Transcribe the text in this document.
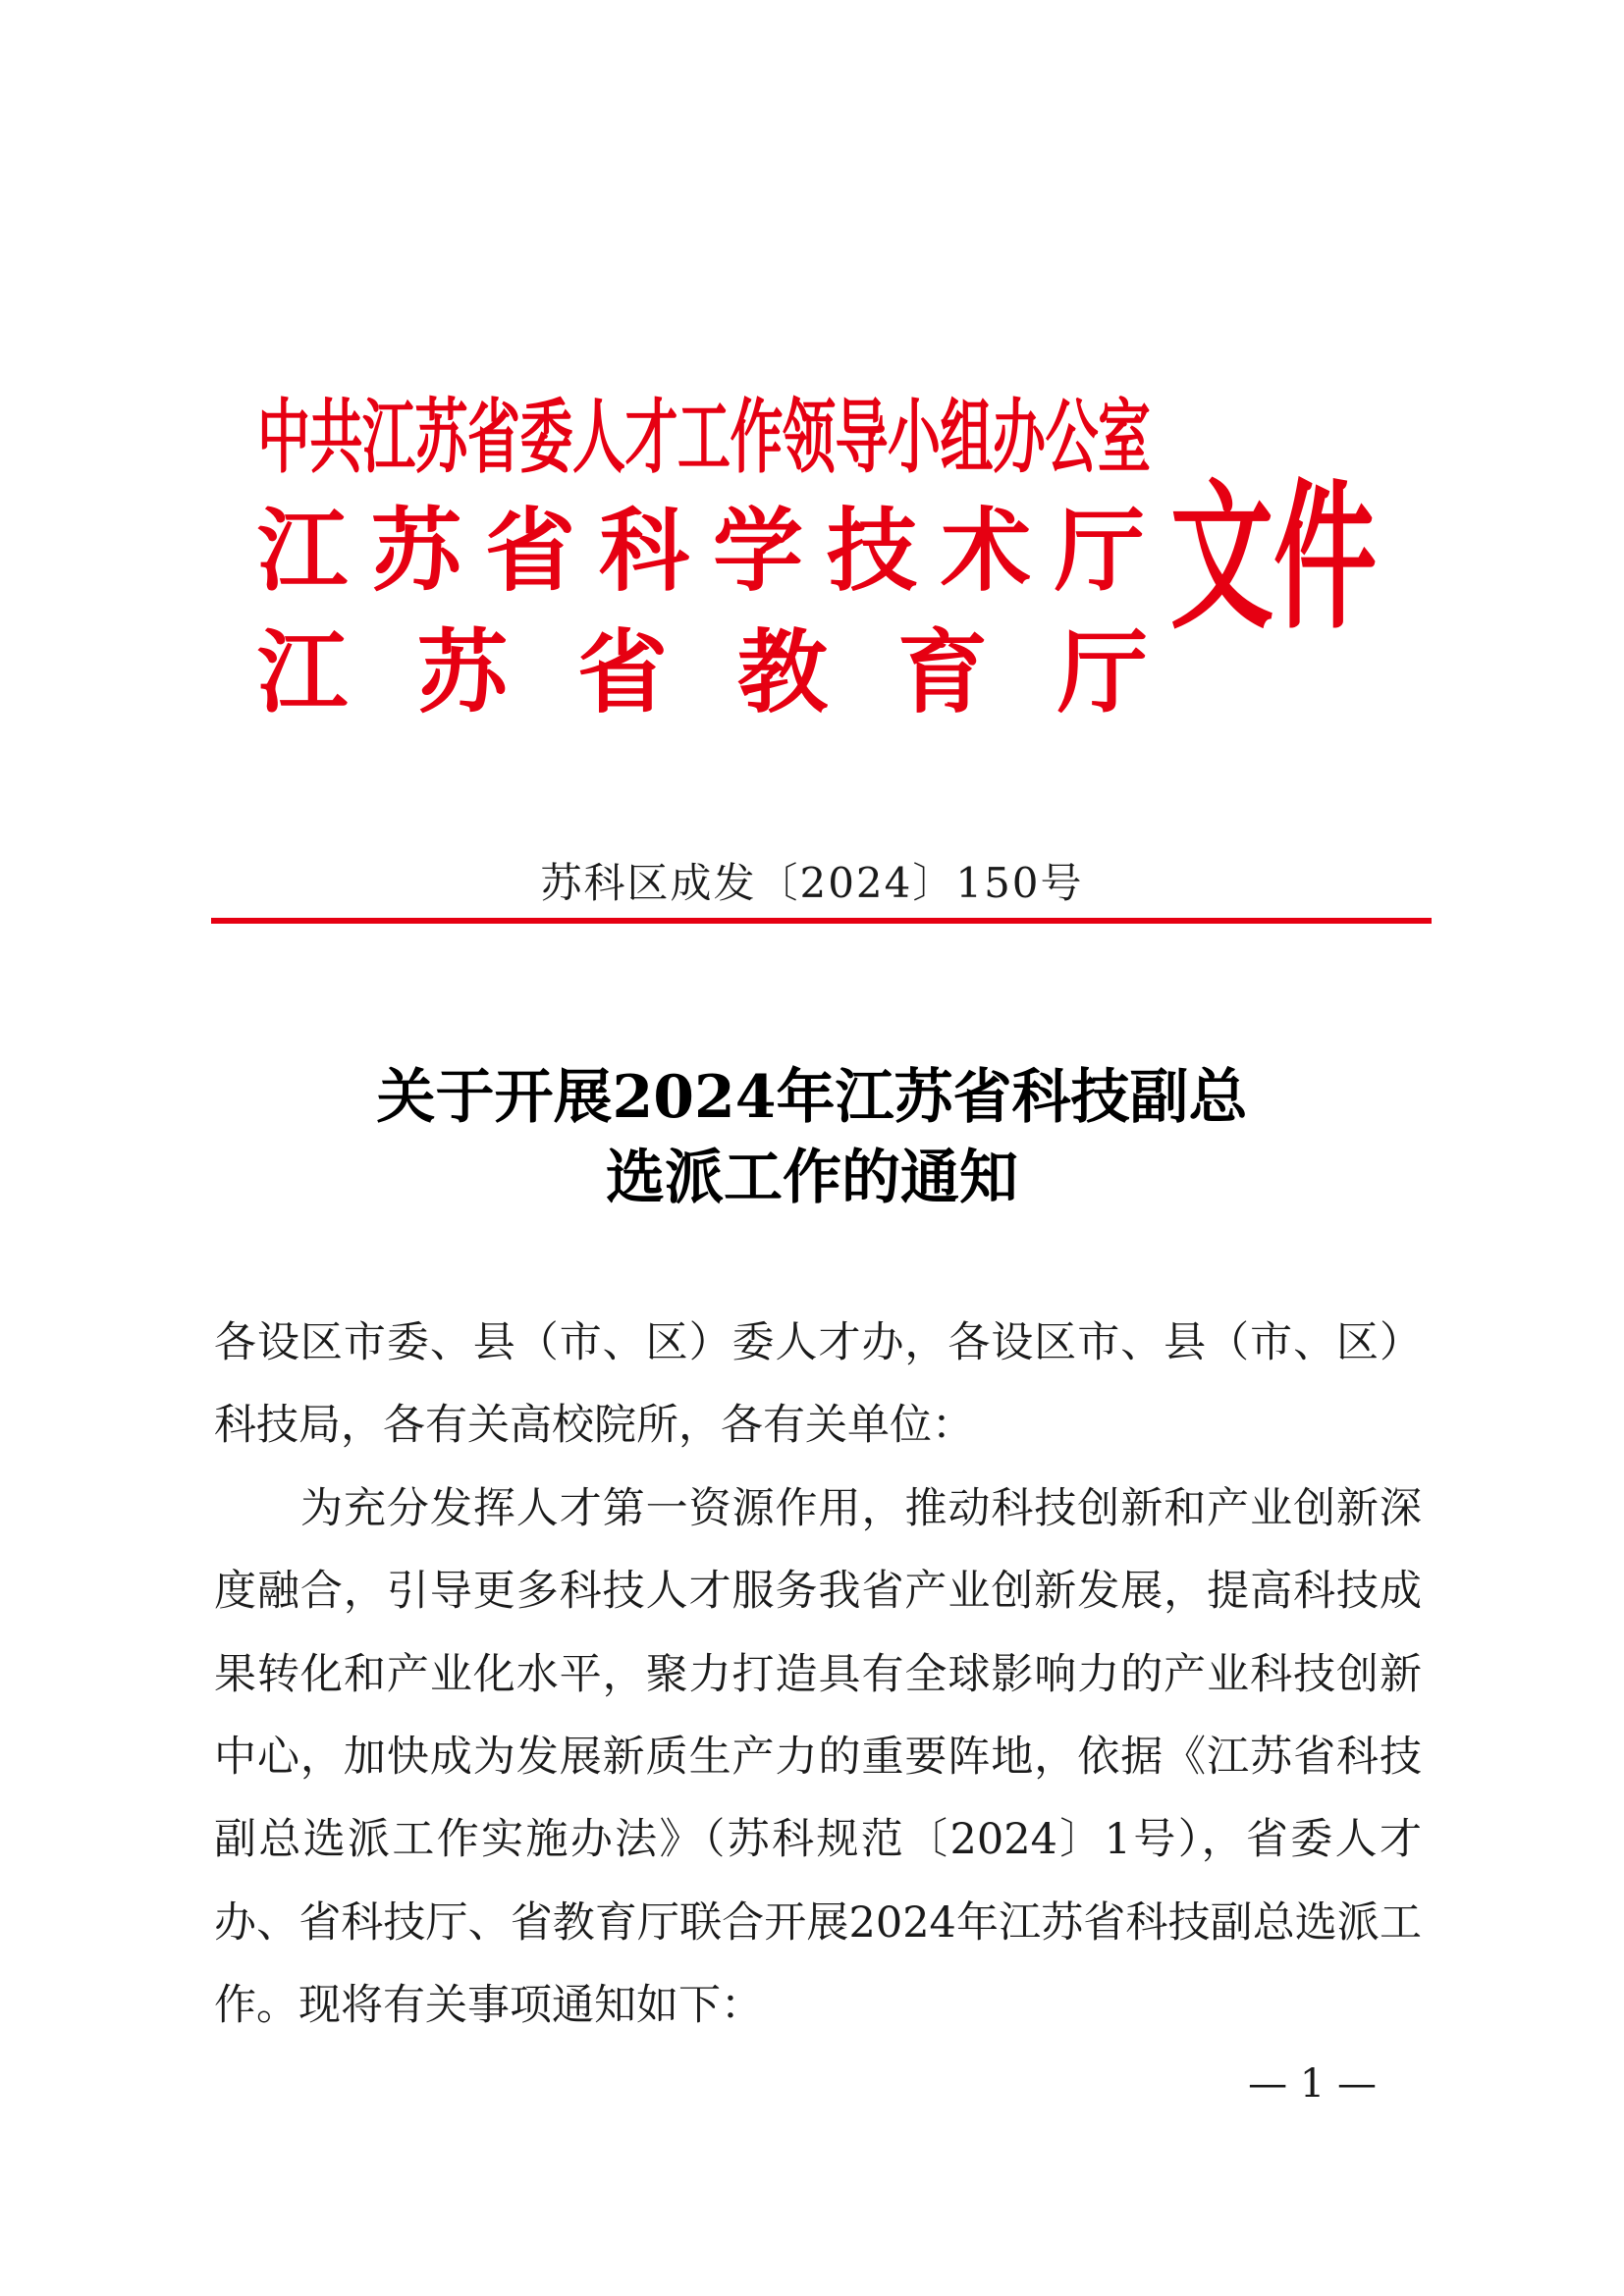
中共江苏省委人才工作领导小组办公室
江苏省科学技术厅
江苏省教育厅
文件
苏科区成发〔2024〕150号
关于开展2024年江苏省科技副总
选派工作的通知
各设区市委、县（市、区）委人才办，各设区市、县（市、区）
科技局，各有关高校院所，各有关单位：
为充分发挥人才第一资源作用，推动科技创新和产业创新深
度融合，引导更多科技人才服务我省产业创新发展，提高科技成
果转化和产业化水平，聚力打造具有全球影响力的产业科技创新
中心，加快成为发展新质生产力的重要阵地，依据《江苏省科技
副总选派工作实施办法》（苏科规范〔2024〕1号），省委人才
办、省科技厅、省教育厅联合开展2024年江苏省科技副总选派工
作。现将有关事项通知如下：
— 1 —
